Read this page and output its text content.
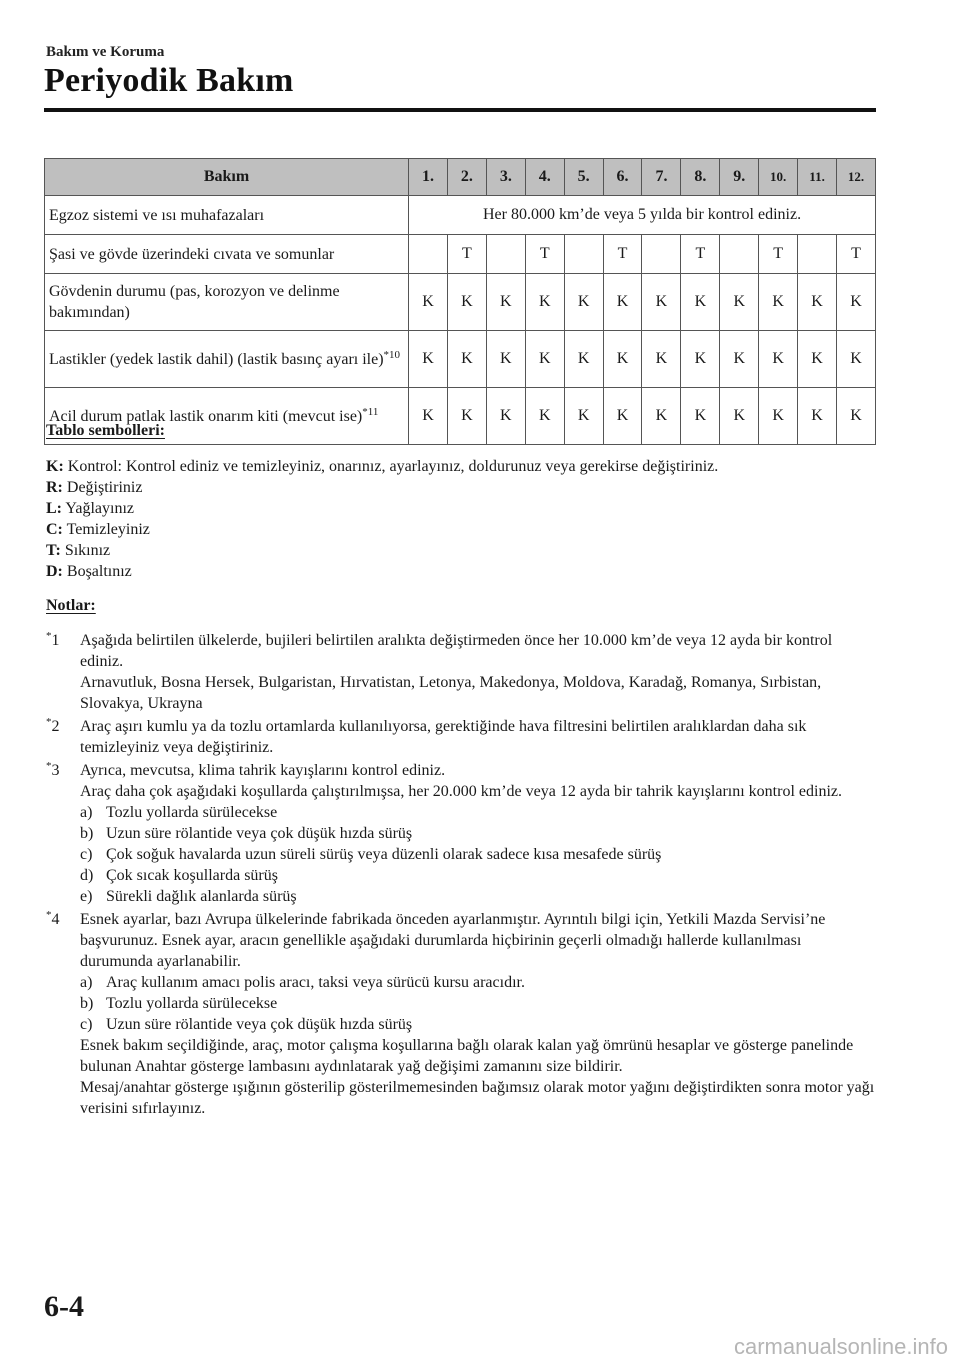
Bakım ve Koruma
Periyodik Bakım
Bakım	1.	2.	3.	4.	5.	6.	7.	8.	9.	10.	11.	12.
Egzoz sistemi ve ısı muhafazaları	Her 80.000 km’de veya 5 yılda bir kontrol ediniz.											
Şasi ve gövde üzerindeki cıvata ve somunlar		T		T		T		T		T		T
Gövdenin durumu (pas, korozyon ve delinme bakımından)	K	K	K	K	K	K	K	K	K	K	K	K
Lastikler (yedek lastik dahil) (lastik basınç ayarı ile)$^{*10}$	K	K	K	K	K	K	K	K	K	K	K	K
Acil durum patlak lastik onarım kiti (mevcut ise)$^{*11}$	K	K	K	K	K	K	K	K	K	K	K	K
Tablo sembolleri:
K: Kontrol: Kontrol ediniz ve temizleyiniz, onarınız, ayarlayınız, doldurunuz veya gerekirse değiştiriniz.
R: Değiştiriniz
L: Yağlayınız
C: Temizleyiniz
T: Sıkınız
D: Boşaltınız
Notlar:
*1 Aşağıda belirtilen ülkelerde, bujileri belirtilen aralıkta değiştirmeden önce her 10.000 km’de veya 12 ayda bir kontrol ediniz.

Arnavutluk, Bosna Hersek, Bulgaristan, Hırvatistan, Letonya, Makedonya, Moldova, Karadağ, Romanya, Sırbistan, Slovakya, Ukrayna

*2 Araç aşırı kumlu ya da tozlu ortamlarda kullanılıyorsa, gerektiğinde hava filtresini belirtilen aralıklardan daha sık temizleyiniz veya değiştiriniz.

*3 Ayrıca, mevcutsa, klima tahrik kayışlarını kontrol ediniz.

Araç daha çok aşağıdaki koşullarda çalıştırılmışsa, her 20.000 km’de veya 12 ayda bir tahrik kayışlarını kontrol ediniz.

a) Tozlu yollarda sürülecekse
b) Uzun süre rölantide veya çok düşük hızda sürüş
c) Çok soğuk havalarda uzun süreli sürüş veya düzenli olarak sadece kısa mesafede sürüş
d) Çok sıcak koşullarda sürüş
e) Sürekli dağlık alanlarda sürüş
*4 Esnek ayarlar, bazı Avrupa ülkelerinde fabrikada önceden ayarlanmıştır. Ayrıntılı bilgi için, Yetkili Mazda Servisi’ne başvurunuz. Esnek ayar, aracın genellikle aşağıdaki durumlarda hiçbirinin geçerli olmadığı hallerde kullanılması durumunda ayarlanabilir.

a) Araç kullanım amacı polis aracı, taksi veya sürücü kursu aracıdır.
b) Tozlu yollarda sürülecekse
c) Uzun süre rölantide veya çok düşük hızda sürüş

Esnek bakım seçildiğinde, araç, motor çalışma koşullarına bağlı olarak kalan yağ ömrünü hesaplar ve gösterge panelinde bulunan Anahtar gösterge lambasını aydınlatarak yağ değişimi zamanını size bildirir.

Mesaj/anahtar gösterge ışığının gösterilip gösterilmemesinden bağımsız olarak motor yağını değiştirdikten sonra motor yağı verisini sıfırlayınız.

6-4
carmanualsonline.info
